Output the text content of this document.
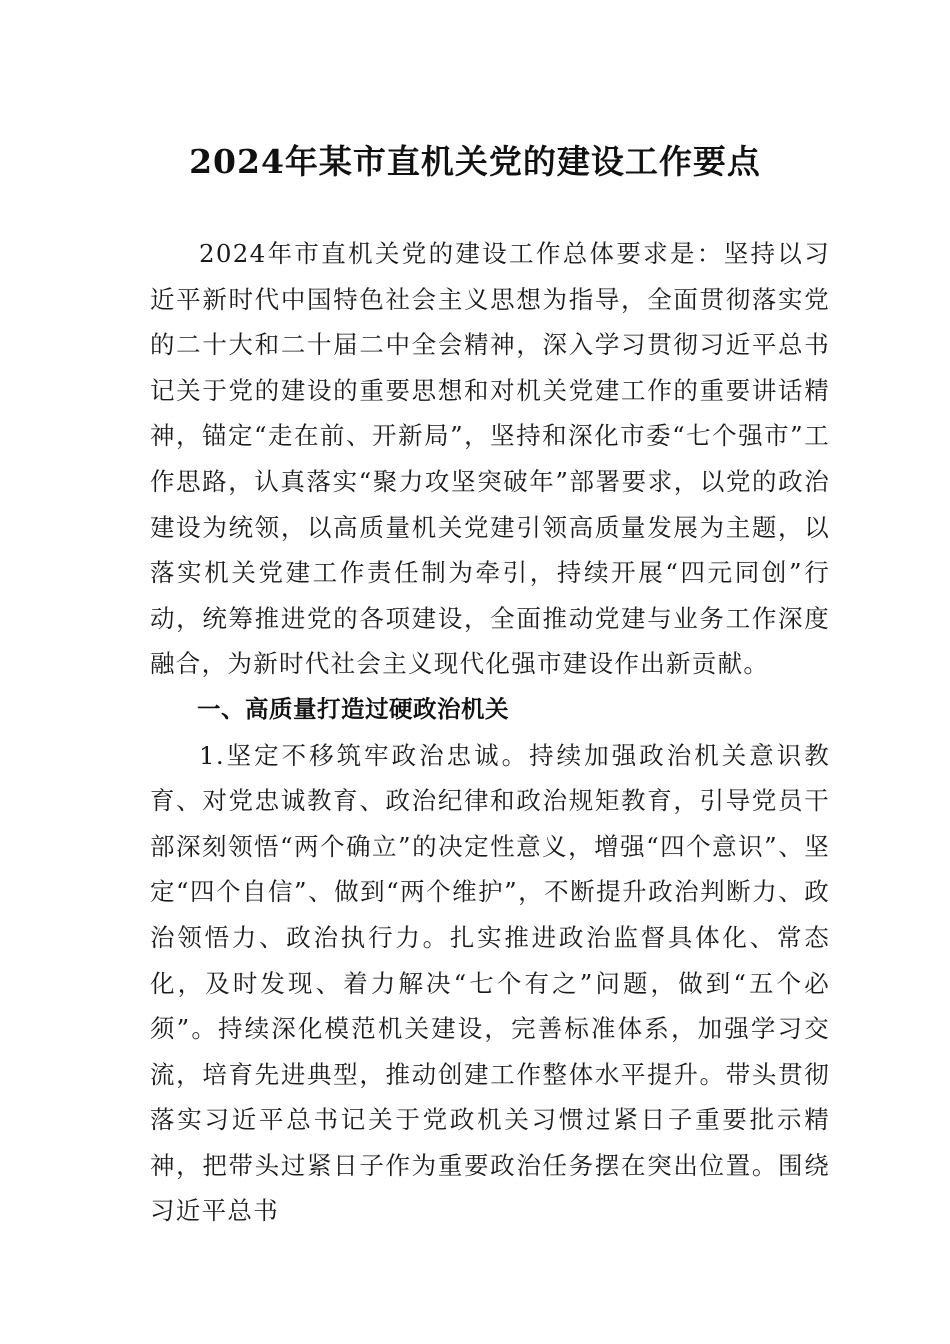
2024年某市直机关党的建设工作要点

2024年市直机关党的建设工作总体要求是：坚持以习近平新时代中国特色社会主义思想为指导，全面贯彻落实党的二十大和二十届二中全会精神，深入学习贯彻习近平总书记关于党的建设的重要思想和对机关党建工作的重要讲话精神，锚定“走在前、开新局”，坚持和深化市委“七个强市”工作思路，认真落实“聚力攻坚突破年”部署要求，以党的政治建设为统领，以高质量机关党建引领高质量发展为主题，以落实机关党建工作责任制为牵引，持续开展“四元同创”行动，统筹推进党的各项建设，全面推动党建与业务工作深度融合，为新时代社会主义现代化强市建设作出新贡献。

一、高质量打造过硬政治机关

1.坚定不移筑牢政治忠诚。持续加强政治机关意识教育、对党忠诚教育、政治纪律和政治规矩教育，引导党员干部深刻领悟“两个确立”的决定性意义，增强“四个意识”、坚定“四个自信”、做到“两个维护”，不断提升政治判断力、政治领悟力、政治执行力。扎实推进政治监督具体化、常态化，及时发现、着力解决“七个有之”问题，做到“五个必须”。持续深化模范机关建设，完善标准体系，加强学习交流，培育先进典型，推动创建工作整体水平提升。带头贯彻落实习近平总书记关于党政机关习惯过紧日子重要批示精神，把带头过紧日子作为重要政治任务摆在突出位置。围绕习近平总书
